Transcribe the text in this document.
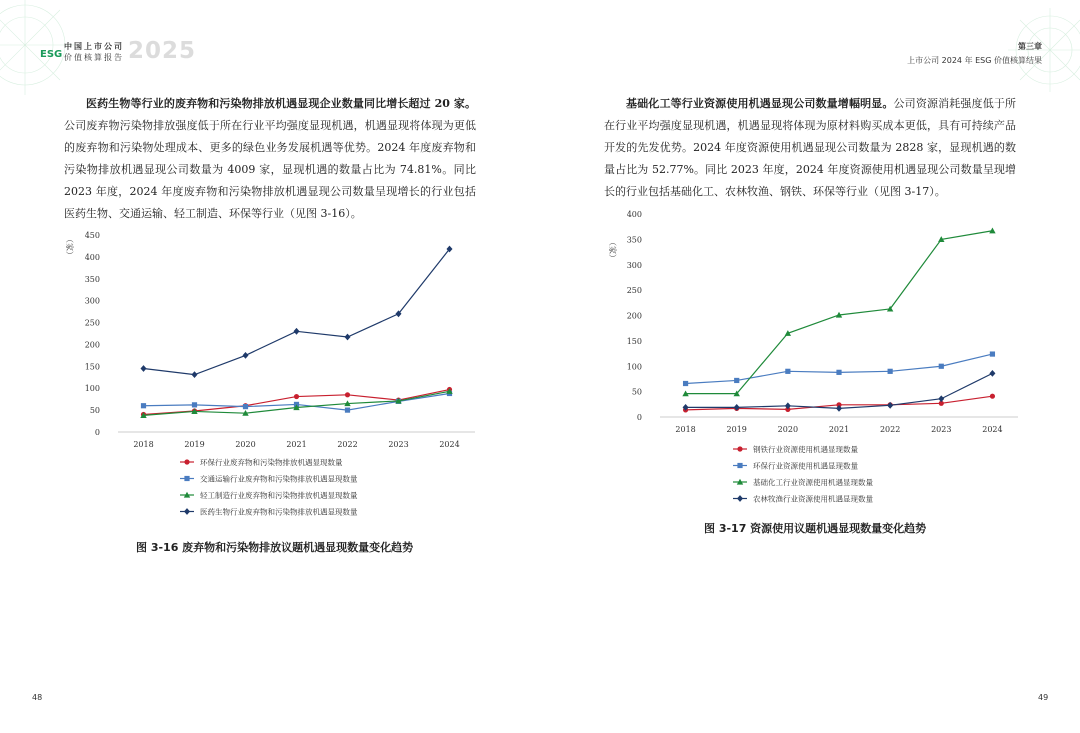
ESG
中国上市公司
价值核算报告 2025	第三章
上市公司 2024 年 ESG 价值核算结果
医药生物等行业的废弃物和污染物排放机遇显现企业数量同比增长超过 20 家。公司废弃物污染物排放强度低于所在行业平均强度显现机遇，机遇显现将体现为更低的废弃物和污染物处理成本、更多的绿色业务发展机遇等优势。2024 年度废弃物和污染物排放机遇显现公司数量为 4009 家，显现机遇的数量占比为 74.81%。同比 2023 年度，2024 年度废弃物和污染物排放机遇显现公司数量呈现增长的行业包括医药生物、交通运输、轻工制造、环保等行业（见图 3-16）。
基础化工等行业资源使用机遇显现公司数量增幅明显。公司资源消耗强度低于所在行业平均强度显现机遇，机遇显现将体现为原材料购买成本更低，具有可持续产品开发的先发优势。2024 年度资源使用机遇显现公司数量为 2828 家，显现机遇的数量占比为 52.77%。同比 2023 年度，2024 年度资源使用机遇显现公司数量呈现增长的行业包括基础化工、农林牧渔、钢铁、环保等行业（见图 3-17）。
（家）
0
50
100
150
200
250
300
350
400
450
2018	2019	2020	2021	2022	2023	2024
环保行业废弃物和污染物排放机遇显现数量
交通运输行业废弃物和污染物排放机遇显现数量
轻工制造行业废弃物和污染物排放机遇显现数量
医药生物行业废弃物和污染物排放机遇显现数量
（家）
0
50
100
150
200
250
300
350
400
2018	2019	2020	2021	2022	2023	2024
钢铁行业资源使用机遇显现数量
环保行业资源使用机遇显现数量
基础化工行业资源使用机遇显现数量
农林牧渔行业资源使用机遇显现数量
图 3-16 废弃物和污染物排放议题机遇显现数量变化趋势
图 3-17 资源使用议题机遇显现数量变化趋势
48	49
